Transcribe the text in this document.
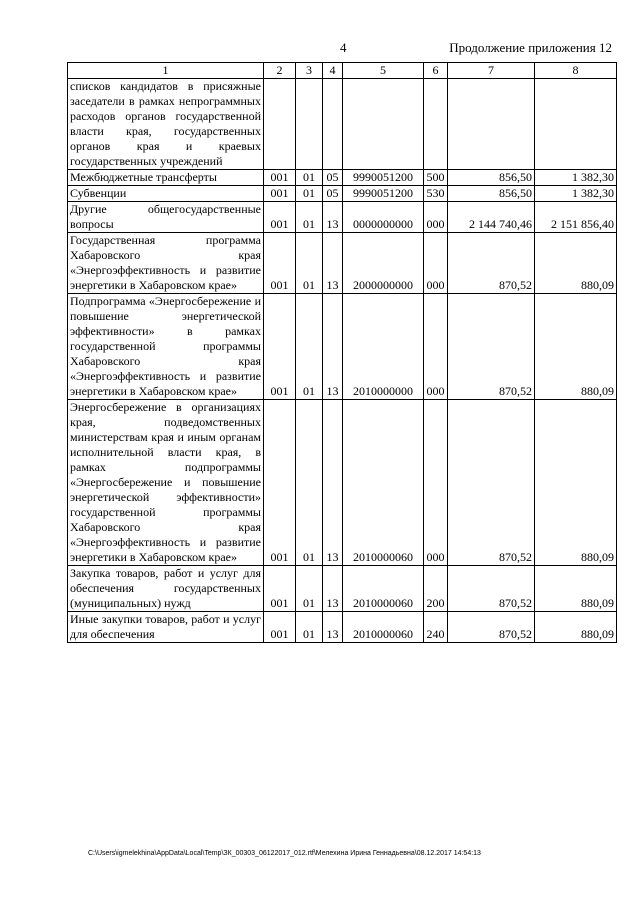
4	Продолжение приложения 12
1	2	3	4	5	6	7	8
списков кандидатов в присяжные заседатели в рамках непрограммных расходов органов государственной власти края, государственных органов края и краевых государственных учреждений							
Межбюджетные трансферты	001	01	05	9990051200	500	856,50	1 382,30
Субвенции	001	01	05	9990051200	530	856,50	1 382,30
Другие общегосударственные вопросы	001	01	13	0000000000	000	2 144 740,46	2 151 856,40
Государственная программа Хабаровского края «Энергоэффективность и развитие энергетики в Хабаровском крае»	001	01	13	2000000000	000	870,52	880,09
Подпрограмма «Энергосбережение и повышение энергетической эффективности» в рамках государственной программы Хабаровского края «Энергоэффективность и развитие энергетики в Хабаровском крае»	001	01	13	2010000000	000	870,52	880,09
Энергосбережение в организациях края, подведомственных министерствам края и иным органам исполнительной власти края, в рамках подпрограммы «Энергосбережение и повышение энергетической эффективности» государственной программы Хабаровского края «Энергоэффективность и развитие энергетики в Хабаровском крае»	001	01	13	2010000060	000	870,52	880,09
Закупка товаров, работ и услуг для обеспечения государственных (муниципальных) нужд	001	01	13	2010000060	200	870,52	880,09
Иные закупки товаров, работ и услуг для обеспечения	001	01	13	2010000060	240	870,52	880,09
C:\Users\igmelekhina\AppData\Local\Temp\ЗК_00303_06122017_012.rtf\Мелехина Ирина Геннадьевна\08.12.2017 14:54:13
